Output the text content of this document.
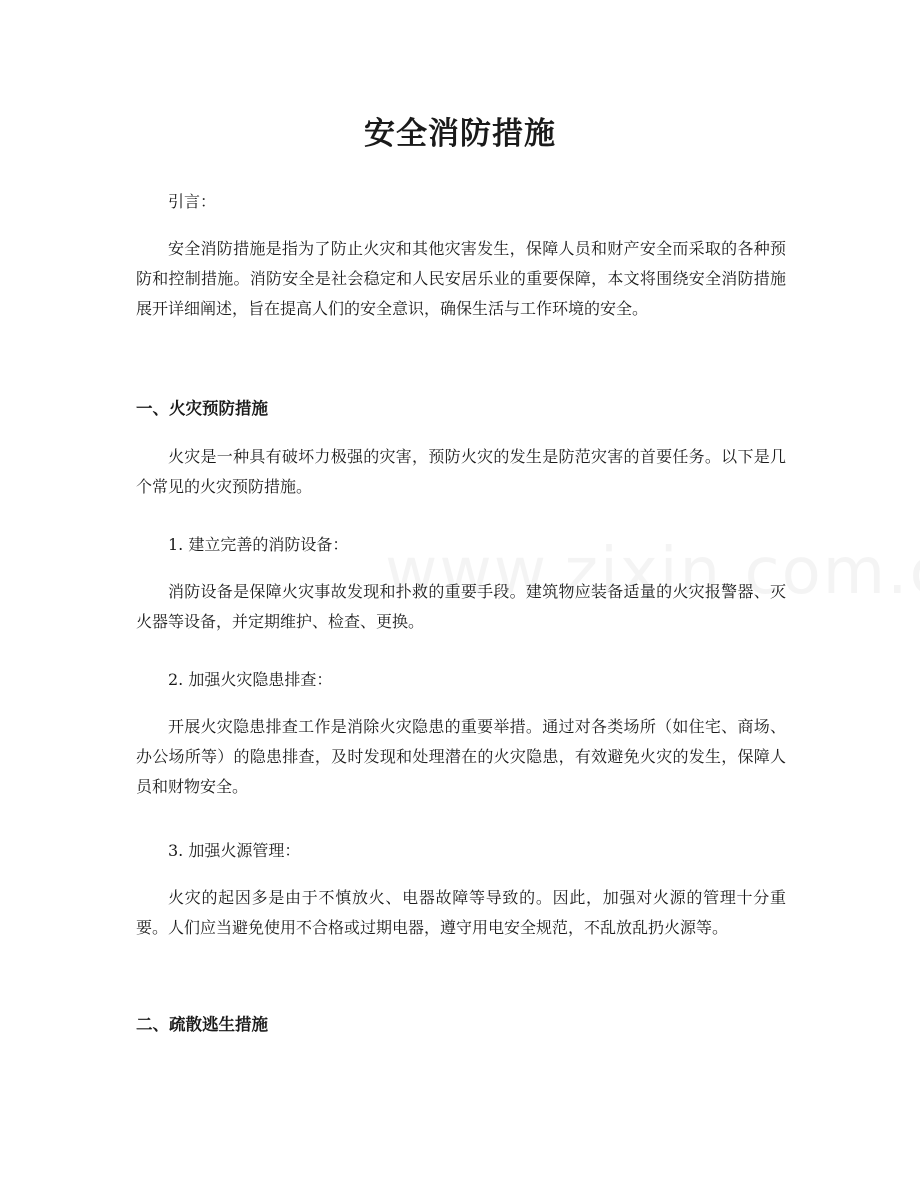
安全消防措施

引言：

安全消防措施是指为了防止火灾和其他灾害发生，保障人员和财产安全而采取的各种预防和控制措施。消防安全是社会稳定和人民安居乐业的重要保障，本文将围绕安全消防措施展开详细阐述，旨在提高人们的安全意识，确保生活与工作环境的安全。

一、火灾预防措施

火灾是一种具有破坏力极强的灾害，预防火灾的发生是防范灾害的首要任务。以下是几个常见的火灾预防措施。

1. 建立完善的消防设备：

消防设备是保障火灾事故发现和扑救的重要手段。建筑物应装备适量的火灾报警器、灭火器等设备，并定期维护、检查、更换。

2. 加强火灾隐患排查：

开展火灾隐患排查工作是消除火灾隐患的重要举措。通过对各类场所（如住宅、商场、办公场所等）的隐患排查，及时发现和处理潜在的火灾隐患，有效避免火灾的发生，保障人员和财物安全。

3. 加强火源管理：

火灾的起因多是由于不慎放火、电器故障等导致的。因此，加强对火源的管理十分重要。人们应当避免使用不合格或过期电器，遵守用电安全规范，不乱放乱扔火源等。

二、疏散逃生措施
